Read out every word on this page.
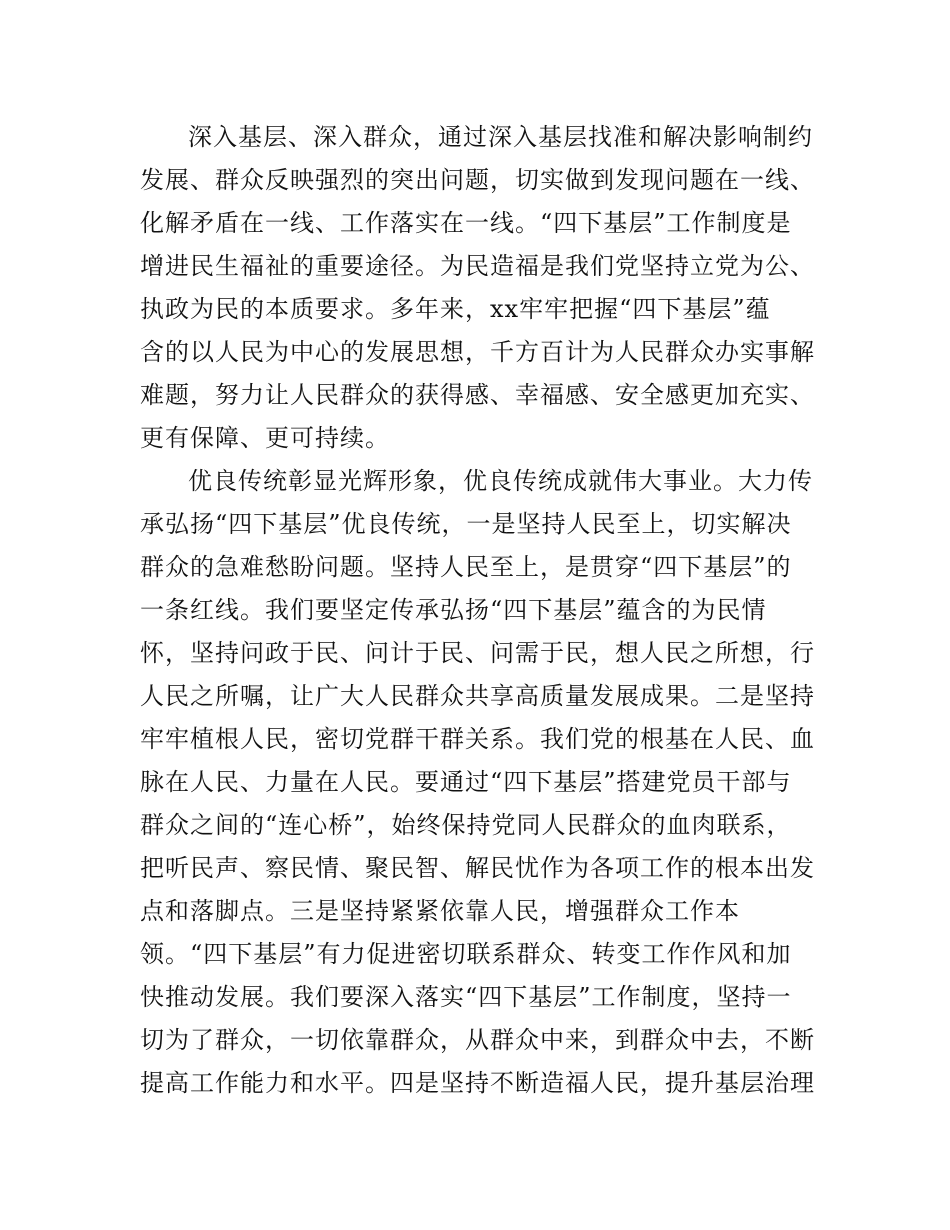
深入基层、深入群众，通过深入基层找准和解决影响制约
发展、群众反映强烈的突出问题，切实做到发现问题在一线、
化解矛盾在一线、工作落实在一线。“四下基层”工作制度是
增进民生福祉的重要途径。为民造福是我们党坚持立党为公、
执政为民的本质要求。多年来，xx牢牢把握“四下基层”蕴
含的以人民为中心的发展思想，千方百计为人民群众办实事解
难题，努力让人民群众的获得感、幸福感、安全感更加充实、
更有保障、更可持续。
优良传统彰显光辉形象，优良传统成就伟大事业。大力传
承弘扬“四下基层”优良传统，一是坚持人民至上，切实解决
群众的急难愁盼问题。坚持人民至上，是贯穿“四下基层”的
一条红线。我们要坚定传承弘扬“四下基层”蕴含的为民情
怀，坚持问政于民、问计于民、问需于民，想人民之所想，行
人民之所嘱，让广大人民群众共享高质量发展成果。二是坚持
牢牢植根人民，密切党群干群关系。我们党的根基在人民、血
脉在人民、力量在人民。要通过“四下基层”搭建党员干部与
群众之间的“连心桥”，始终保持党同人民群众的血肉联系，
把听民声、察民情、聚民智、解民忧作为各项工作的根本出发
点和落脚点。三是坚持紧紧依靠人民，增强群众工作本
领。“四下基层”有力促进密切联系群众、转变工作作风和加
快推动发展。我们要深入落实“四下基层”工作制度，坚持一
切为了群众，一切依靠群众，从群众中来，到群众中去，不断
提高工作能力和水平。四是坚持不断造福人民，提升基层治理
